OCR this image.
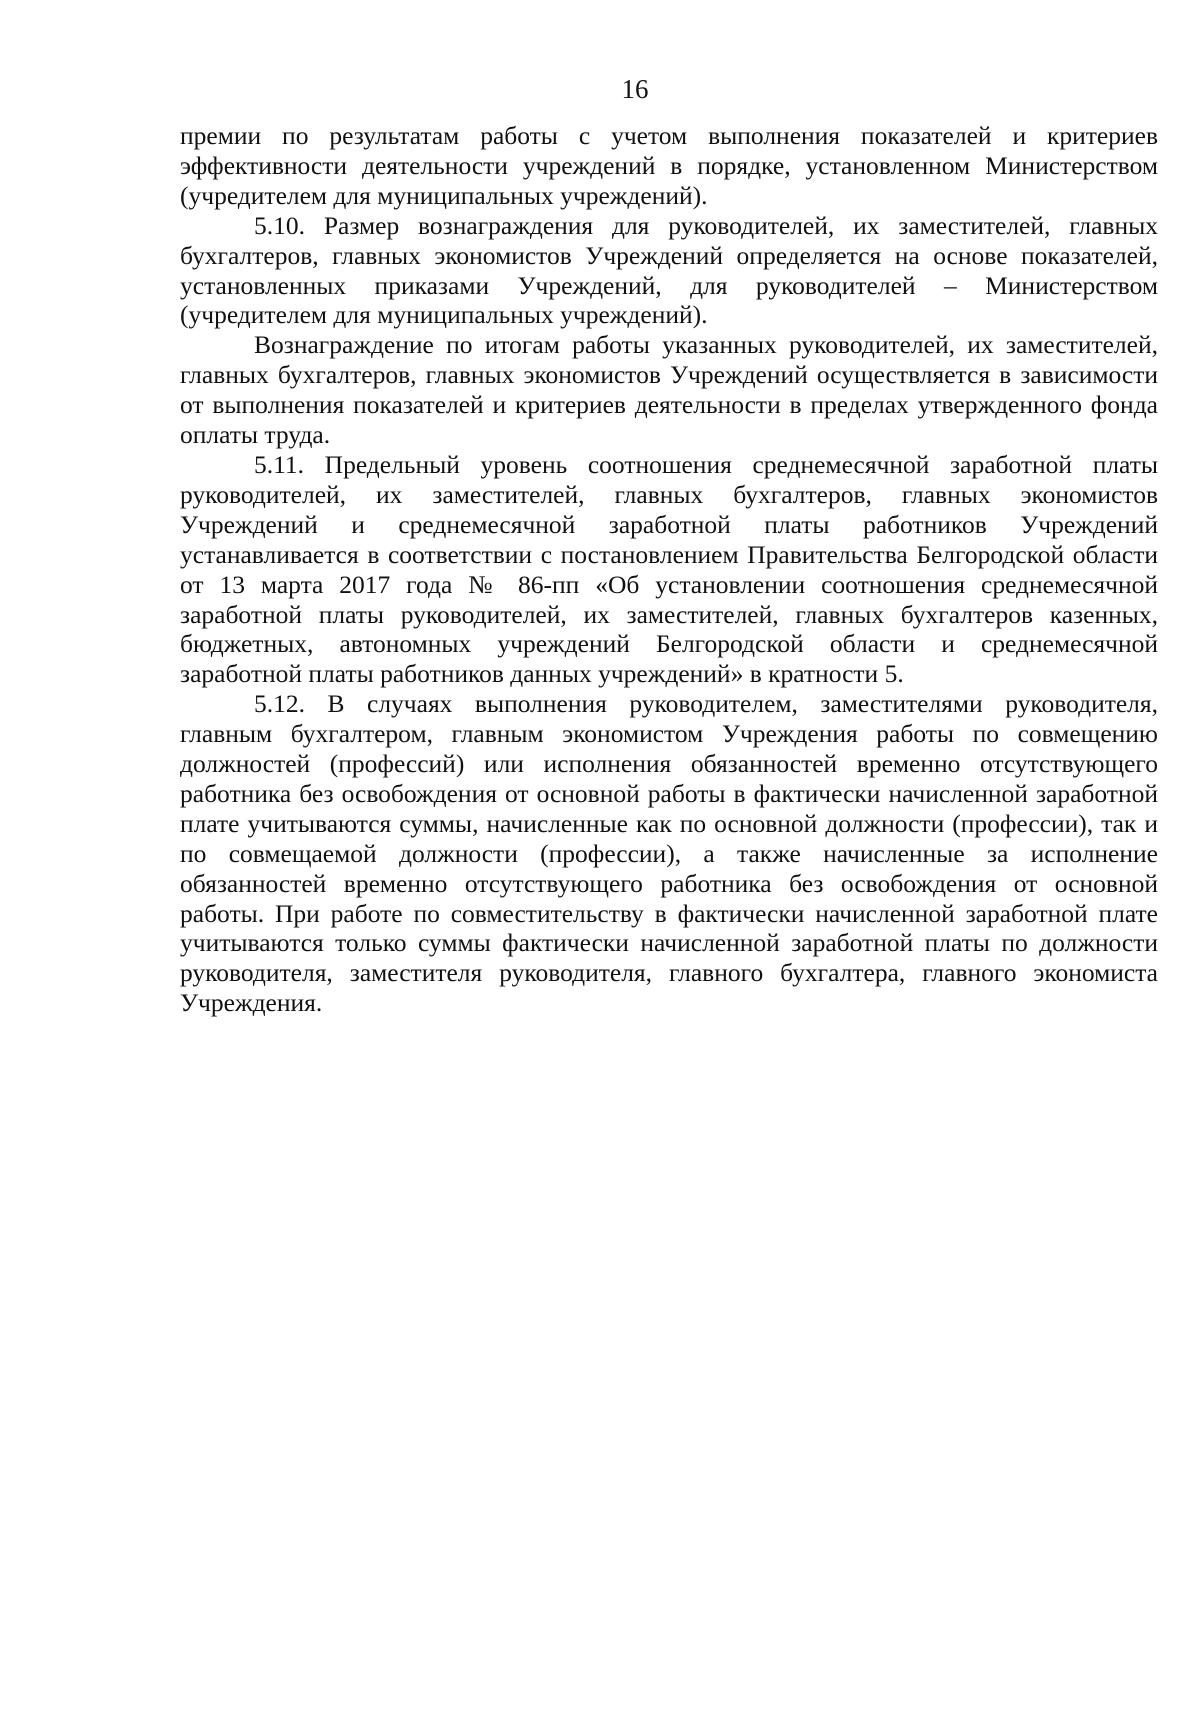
16

премии по результатам работы с учетом выполнения показателей и критериев эффективности деятельности учреждений в порядке, установленном Министерством (учредителем для муниципальных учреждений).

5.10. Размер вознаграждения для руководителей, их заместителей, главных бухгалтеров, главных экономистов Учреждений определяется на основе показателей, установленных приказами Учреждений, для руководителей – Министерством (учредителем для муниципальных учреждений).

Вознаграждение по итогам работы указанных руководителей, их заместителей, главных бухгалтеров, главных экономистов Учреждений осуществляется в зависимости от выполнения показателей и критериев деятельности в пределах утвержденного фонда оплаты труда.

5.11. Предельный уровень соотношения среднемесячной заработной платы руководителей, их заместителей, главных бухгалтеров, главных экономистов Учреждений и среднемесячной заработной платы работников Учреждений устанавливается в соответствии с постановлением Правительства Белгородской области от 13 марта 2017 года № 86-пп «Об установлении соотношения среднемесячной заработной платы руководителей, их заместителей, главных бухгалтеров казенных, бюджетных, автономных учреждений Белгородской области и среднемесячной заработной платы работников данных учреждений» в кратности 5.

5.12. В случаях выполнения руководителем, заместителями руководителя, главным бухгалтером, главным экономистом Учреждения работы по совмещению должностей (профессий) или исполнения обязанностей временно отсутствующего работника без освобождения от основной работы в фактически начисленной заработной плате учитываются суммы, начисленные как по основной должности (профессии), так и по совмещаемой должности (профессии), а также начисленные за исполнение обязанностей временно отсутствующего работника без освобождения от основной работы. При работе по совместительству в фактически начисленной заработной плате учитываются только суммы фактически начисленной заработной платы по должности руководителя, заместителя руководителя, главного бухгалтера, главного экономиста Учреждения.
